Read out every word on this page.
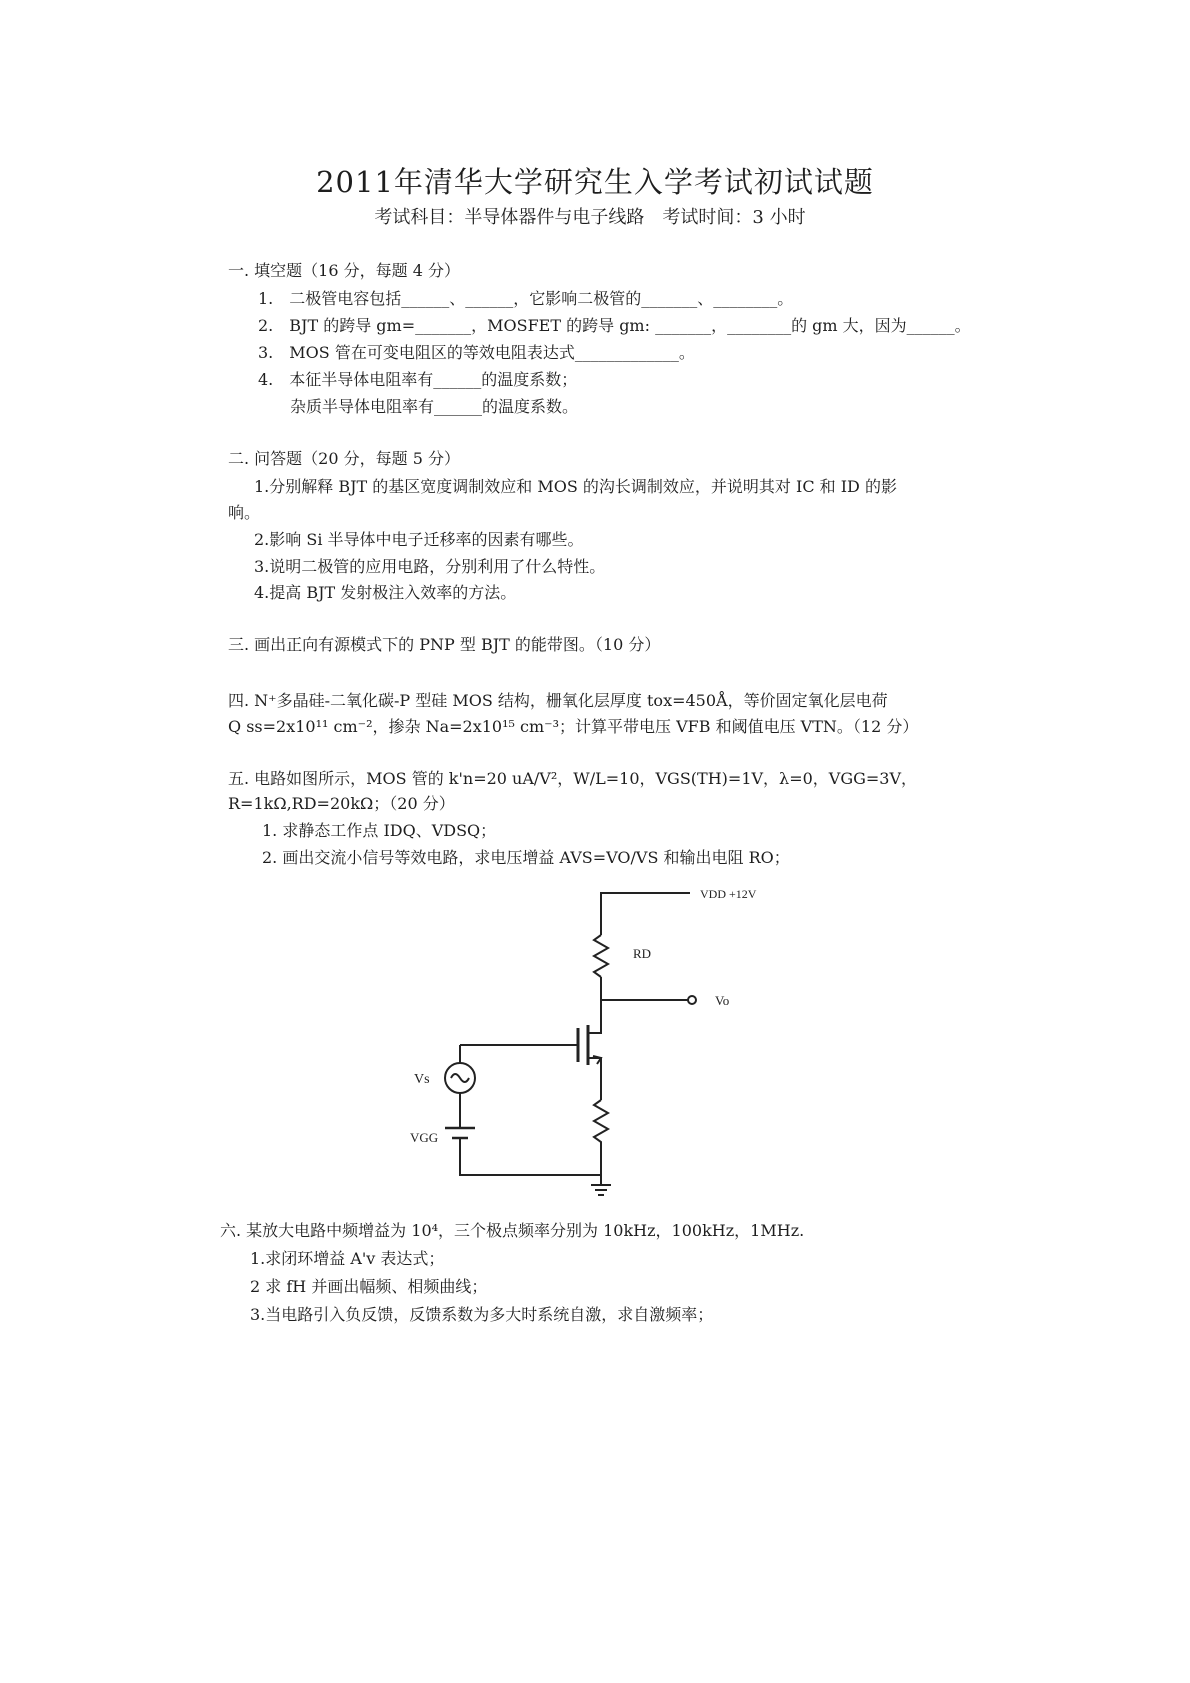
2011年清华大学研究生入学考试初试试题
考试科目：半导体器件与电子线路　考试时间：3 小时
一. 填空题（16 分，每题 4 分）
1.　二极管电容包括______、______，它影响二极管的_______、________。
2.　BJT 的跨导 gm=_______，MOSFET 的跨导 gm: _______，________的 gm 大，因为______。
3.　MOS 管在可变电阻区的等效电阻表达式_____________。
4.　本征半导体电阻率有______的温度系数；
　　杂质半导体电阻率有______的温度系数。
二. 问答题（20 分，每题 5 分）
1.分别解释 BJT 的基区宽度调制效应和 MOS 的沟长调制效应，并说明其对 IC 和 ID 的影
响。
2.影响 Si 半导体中电子迁移率的因素有哪些。
3.说明二极管的应用电路，分别利用了什么特性。
4.提高 BJT 发射极注入效率的方法。
三. 画出正向有源模式下的 PNP 型 BJT 的能带图。（10 分）
四. N⁺多晶硅-二氧化碳-P 型硅 MOS 结构，栅氧化层厚度 tox=450Å，等价固定氧化层电荷
Q ss=2x10¹¹ cm⁻²，掺杂 Na=2x10¹⁵ cm⁻³；计算平带电压 VFB 和阈值电压 VTN。（12 分）
五. 电路如图所示，MOS 管的 k'n=20 uA/V²，W/L=10，VGS(TH)=1V，λ=0，VGG=3V，
R=1kΩ,RD=20kΩ；（20 分）
1. 求静态工作点 IDQ、VDSQ；
2. 画出交流小信号等效电路，求电压增益 AVS=VO/VS 和输出电阻 RO；
VDD +12V
RD
Vo
Vs
VGG
六. 某放大电路中频增益为 10⁴，三个极点频率分别为 10kHz，100kHz，1MHz.
1.求闭环增益 A'v 表达式；
2 求 fH 并画出幅频、相频曲线；
3.当电路引入负反馈，反馈系数为多大时系统自激，求自激频率；
